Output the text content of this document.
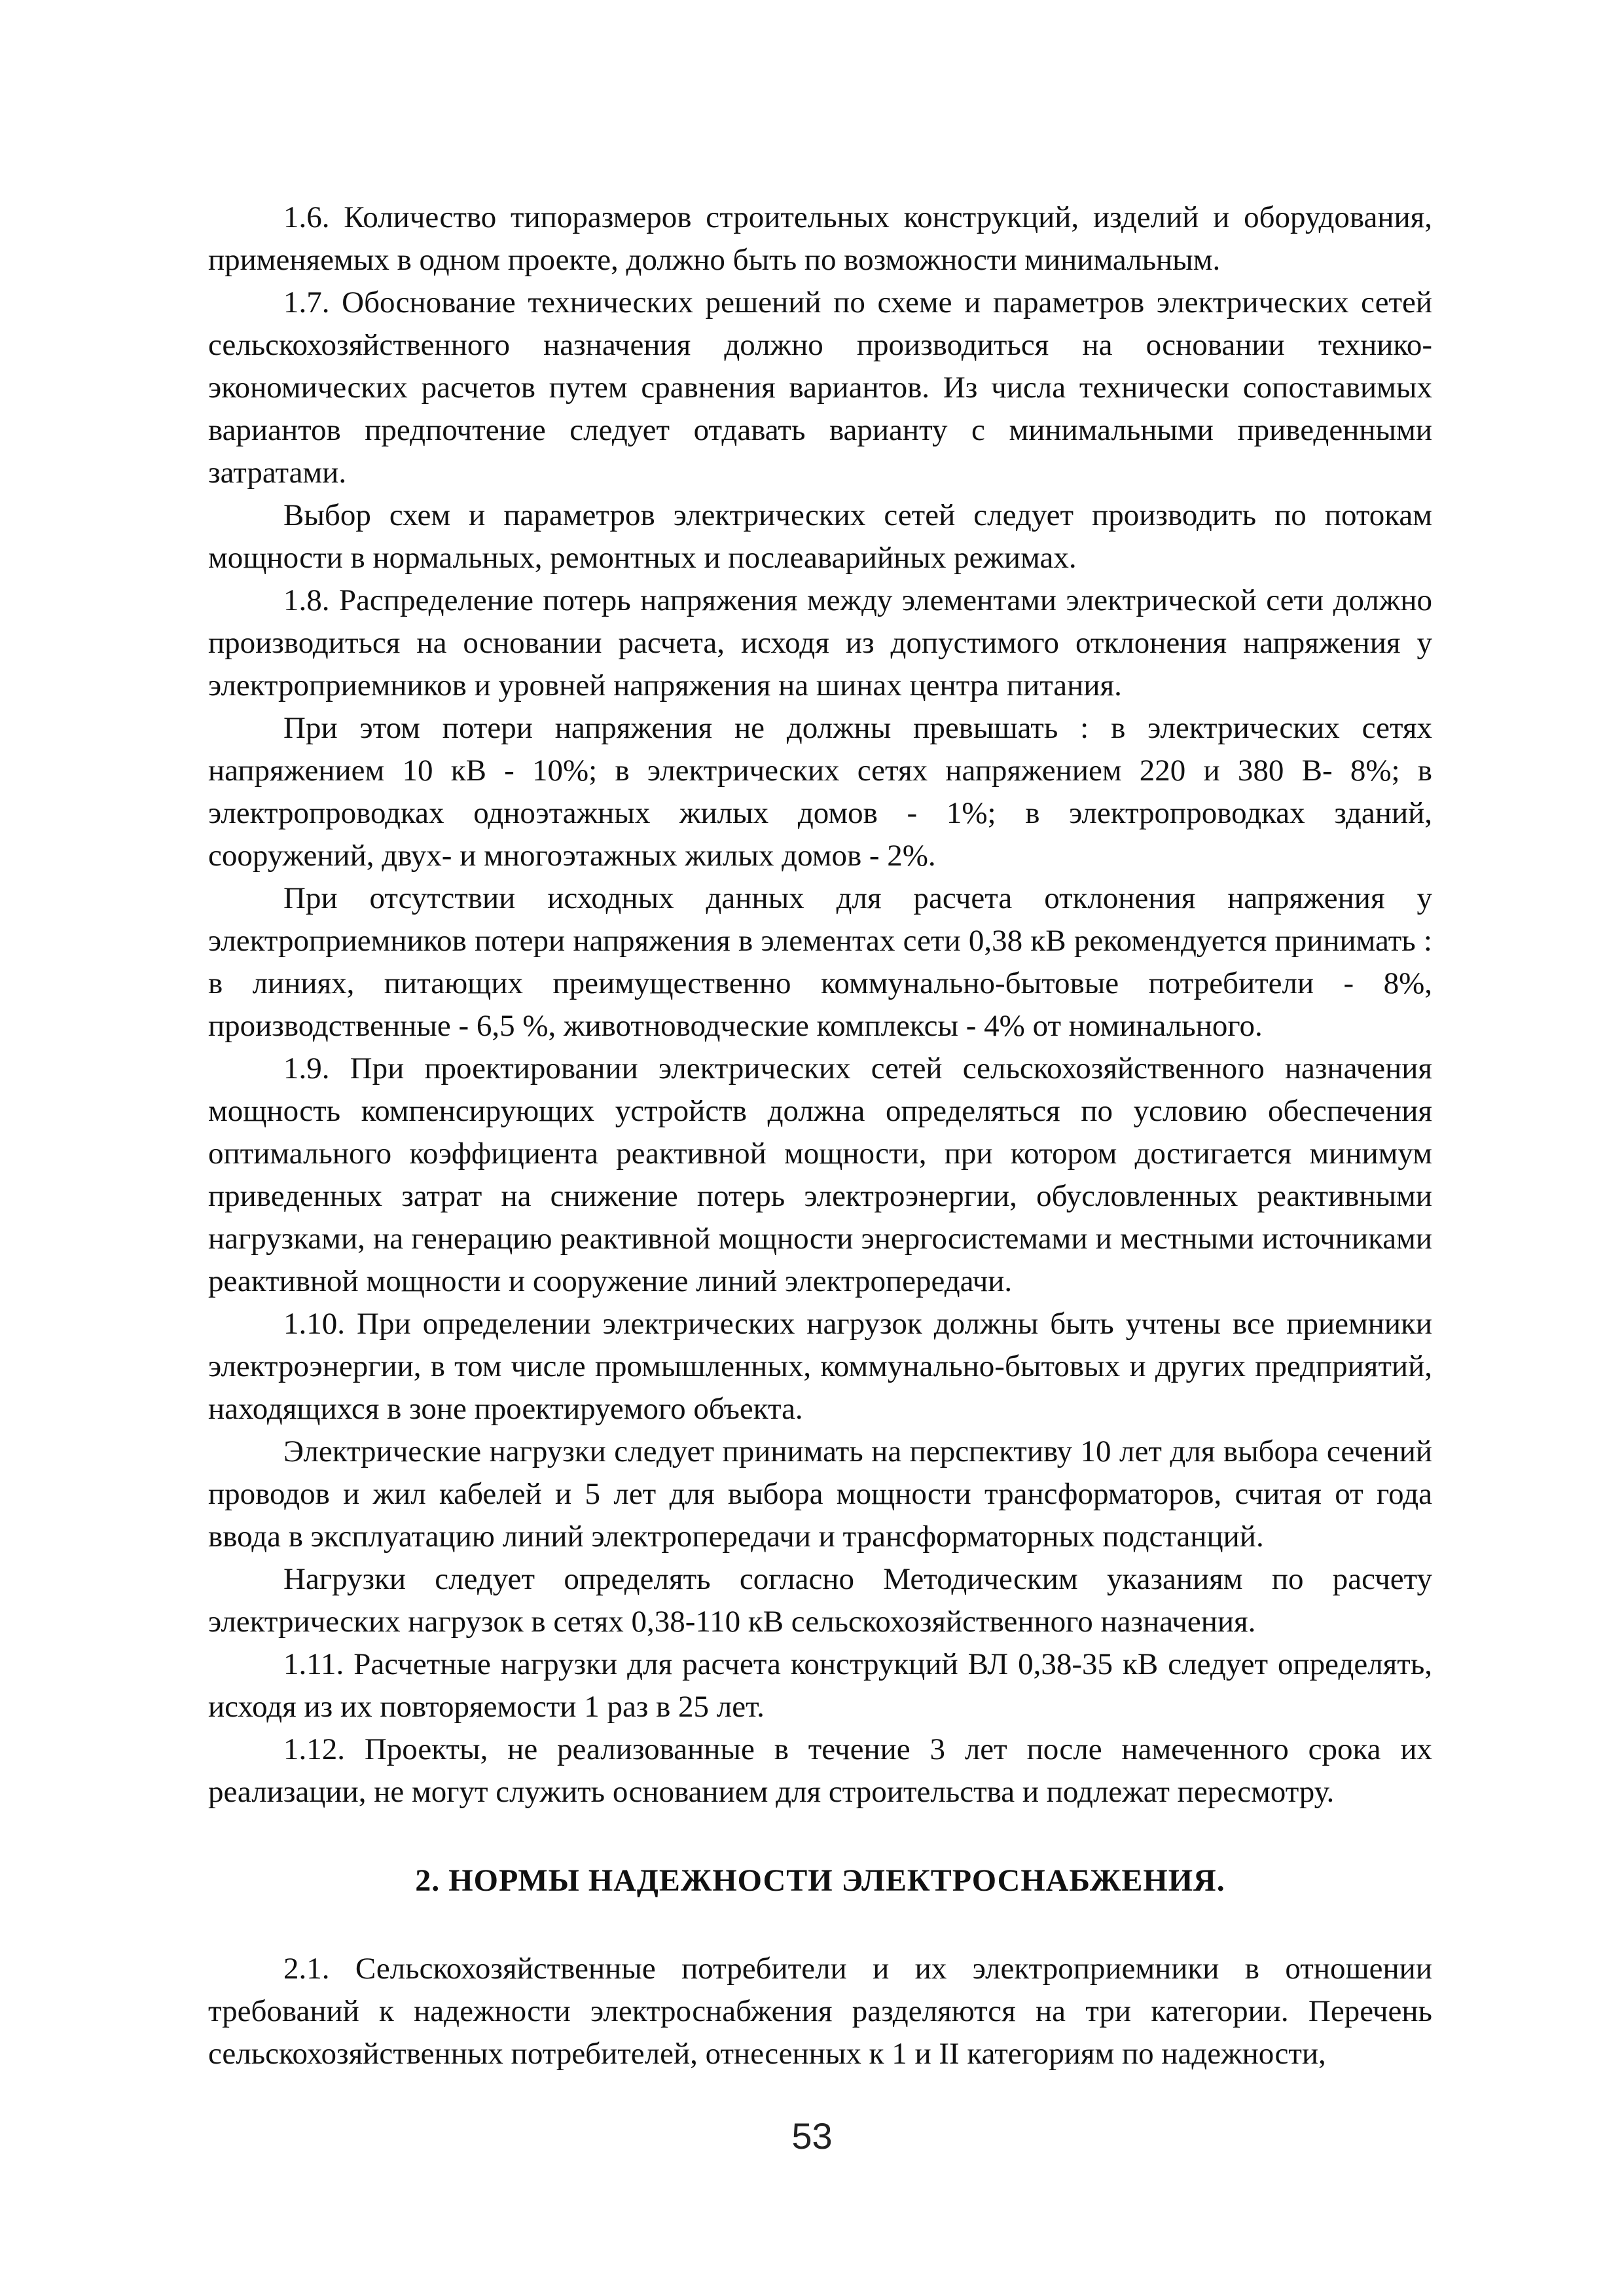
1.6. Количество типоразмеров строительных конструкций, изделий и оборудования, применяемых в одном проекте, должно быть по возможности минимальным.

1.7. Обоснование технических решений по схеме и параметров электрических сетей сельскохозяйственного назначения должно производиться на основании технико-экономических расчетов путем сравнения вариантов. Из числа технически сопоставимых вариантов предпочтение следует отдавать варианту с минимальными приведенными затратами.

Выбор схем и параметров электрических сетей следует производить по потокам мощности в нормальных, ремонтных и послеаварийных режимах.

1.8. Распределение потерь напряжения между элементами электрической сети должно производиться на основании расчета, исходя из допустимого отклонения напряжения у электроприемников и уровней напряжения на шинах центра питания.

При этом потери напряжения не должны превышать : в электрических сетях напряжением 10 кВ - 10%; в электрических сетях напряжением 220 и 380 В- 8%; в электропроводках одноэтажных жилых домов - 1%; в электропроводках зданий, сооружений, двух- и многоэтажных жилых домов - 2%.

При отсутствии исходных данных для расчета отклонения напряжения у электроприемников потери напряжения в элементах сети 0,38 кВ рекомендуется принимать : в линиях, питающих преимущественно коммунально-бытовые потребители - 8%, производственные - 6,5 %, животноводческие комплексы - 4% от номинального.

1.9. При проектировании электрических сетей сельскохозяйственного назначения мощность компенсирующих устройств должна определяться по условию обеспечения оптимального коэффициента реактивной мощности, при котором достигается минимум приведенных затрат на снижение потерь электроэнергии, обусловленных реактивными нагрузками, на генерацию реактивной мощности энергосистемами и местными источниками реактивной мощности и сооружение линий электропередачи.

1.10. При определении электрических нагрузок должны быть учтены все приемники электроэнергии, в том числе промышленных, коммунально-бытовых и других предприятий, находящихся в зоне проектируемого объекта.

Электрические нагрузки следует принимать на перспективу 10 лет для выбора сечений проводов и жил кабелей и 5 лет для выбора мощности трансформаторов, считая от года ввода в эксплуатацию линий электропередачи и трансформаторных подстанций.

Нагрузки следует определять согласно Методическим указаниям по расчету электрических нагрузок в сетях 0,38-110 кВ сельскохозяйственного назначения.

1.11. Расчетные нагрузки для расчета конструкций ВЛ 0,38-35 кВ следует определять, исходя из их повторяемости 1 раз в 25 лет.

1.12. Проекты, не реализованные в течение 3 лет после намеченного срока их реализации, не могут служить основанием для строительства и подлежат пересмотру.

2. НОРМЫ НАДЕЖНОСТИ ЭЛЕКТРОСНАБЖЕНИЯ.

2.1. Сельскохозяйственные потребители и их электроприемники в отношении требований к надежности электроснабжения разделяются на три категории. Перечень сельскохозяйственных потребителей, отнесенных к 1 и II категориям по надежности,

53
